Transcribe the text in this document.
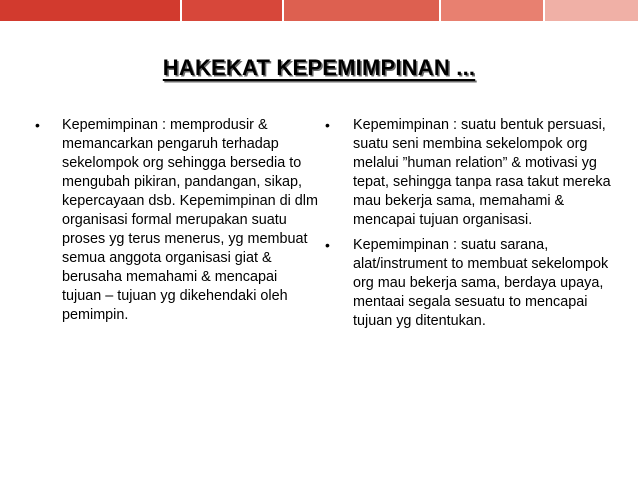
HAKEKAT KEPEMIMPINAN ...
• Kepemimpinan : memprodusir & memancarkan pengaruh terhadap sekelompok org sehingga bersedia to mengubah pikiran, pandangan, sikap, kepercayaan dsb. Kepemimpinan di dlm organisasi formal merupakan suatu proses yg terus menerus, yg membuat semua anggota organisasi giat & berusaha memahami & mencapai tujuan – tujuan yg dikehendaki oleh pemimpin.
• Kepemimpinan : suatu bentuk persuasi, suatu seni membina sekelompok org melalui ”human relation” & motivasi yg tepat, sehingga tanpa rasa takut mereka mau bekerja sama, memahami & mencapai tujuan organisasi.
• Kepemimpinan : suatu sarana, alat/instrument to membuat sekelompok org mau bekerja sama, berdaya upaya, mentaai segala sesuatu to mencapai tujuan yg ditentukan.
